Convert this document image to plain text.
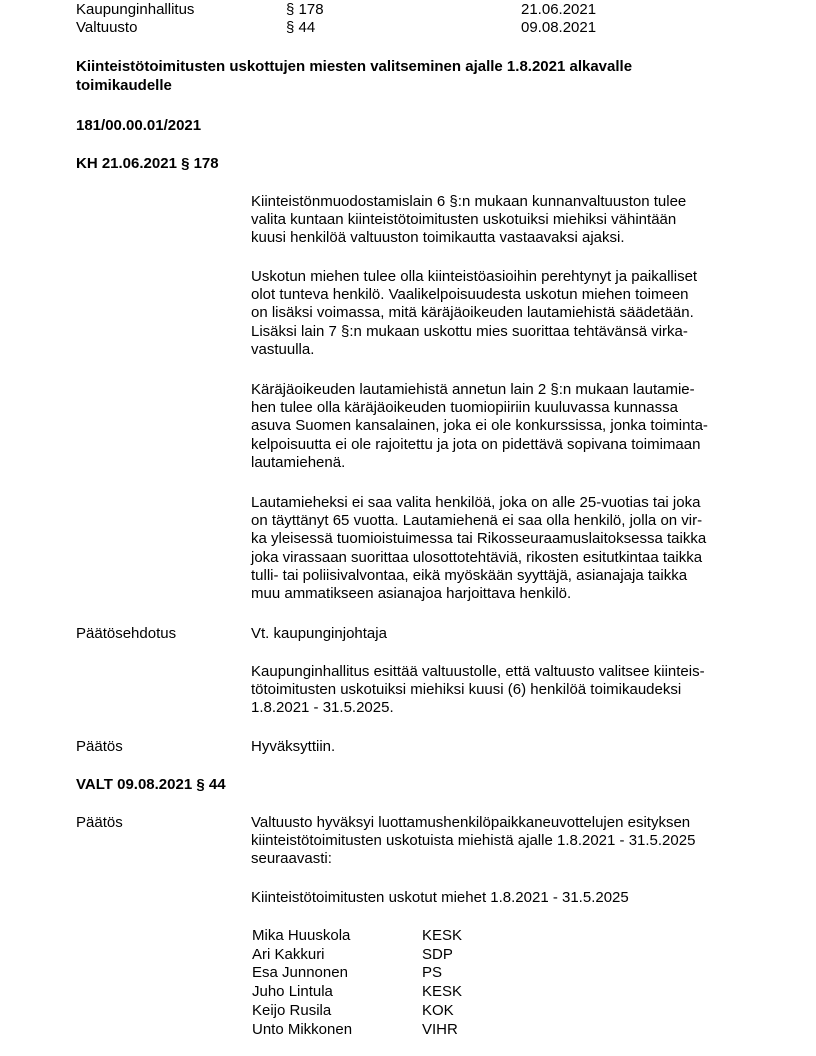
Kaupunginhallitus	§ 178	21.06.2021
Valtuusto	§ 44	09.08.2021
Kiinteistötoimitusten uskottujen miesten valitseminen ajalle 1.8.2021 alkavalle
toimikaudelle
181/00.00.01/2021
KH 21.06.2021 § 178
Kiinteistönmuodostamislain 6 §:n mukaan kunnanvaltuuston tulee
valita kuntaan kiinteistötoimitusten uskotuiksi miehiksi vähintään
kuusi henkilöä valtuuston toimikautta vastaavaksi ajaksi.
Uskotun miehen tulee olla kiinteistöasioihin perehtynyt ja paikalliset
olot tunteva henkilö. Vaalikelpoisuudesta uskotun miehen toimeen
on lisäksi voimassa, mitä käräjäoikeuden lautamiehistä säädetään.
Lisäksi lain 7 §:n mukaan uskottu mies suorittaa tehtävänsä virka-
vastuulla.
Käräjäoikeuden lautamiehistä annetun lain 2 §:n mukaan lautamie-
hen tulee olla käräjäoikeuden tuomiopiiriin kuuluvassa kunnassa
asuva Suomen kansalainen, joka ei ole konkurssissa, jonka toiminta-
kelpoisuutta ei ole rajoitettu ja jota on pidettävä sopivana toimimaan
lautamiehenä.
Lautamieheksi ei saa valita henkilöä, joka on alle 25-vuotias tai joka
on täyttänyt 65 vuotta. Lautamiehenä ei saa olla henkilö, jolla on vir-
ka yleisessä tuomioistuimessa tai Rikosseuraamuslaitoksessa taikka
joka virassaan suorittaa ulosottotehtäviä, rikosten esitutkintaa taikka
tulli- tai poliisivalvontaa, eikä myöskään syyttäjä, asianajaja taikka
muu ammatikseen asianajoa harjoittava henkilö.
Päätösehdotus	Vt. kaupunginjohtaja
Kaupunginhallitus esittää valtuustolle, että valtuusto valitsee kiinteis-
tötoimitusten uskotuiksi miehiksi kuusi (6) henkilöä toimikaudeksi
1.8.2021 - 31.5.2025.
Päätös	Hyväksyttiin.
VALT 09.08.2021 § 44
Päätös	Valtuusto hyväksyi luottamushenkilöpaikkaneuvottelujen esityksen
kiinteistötoimitusten uskotuista miehistä ajalle 1.8.2021 - 31.5.2025
seuraavasti:
Kiinteistötoimitusten uskotut miehet 1.8.2021 - 31.5.2025
Mika Huuskola	KESK
Ari Kakkuri	SDP
Esa Junnonen	PS
Juho Lintula	KESK
Keijo Rusila	KOK
Unto Mikkonen	VIHR
